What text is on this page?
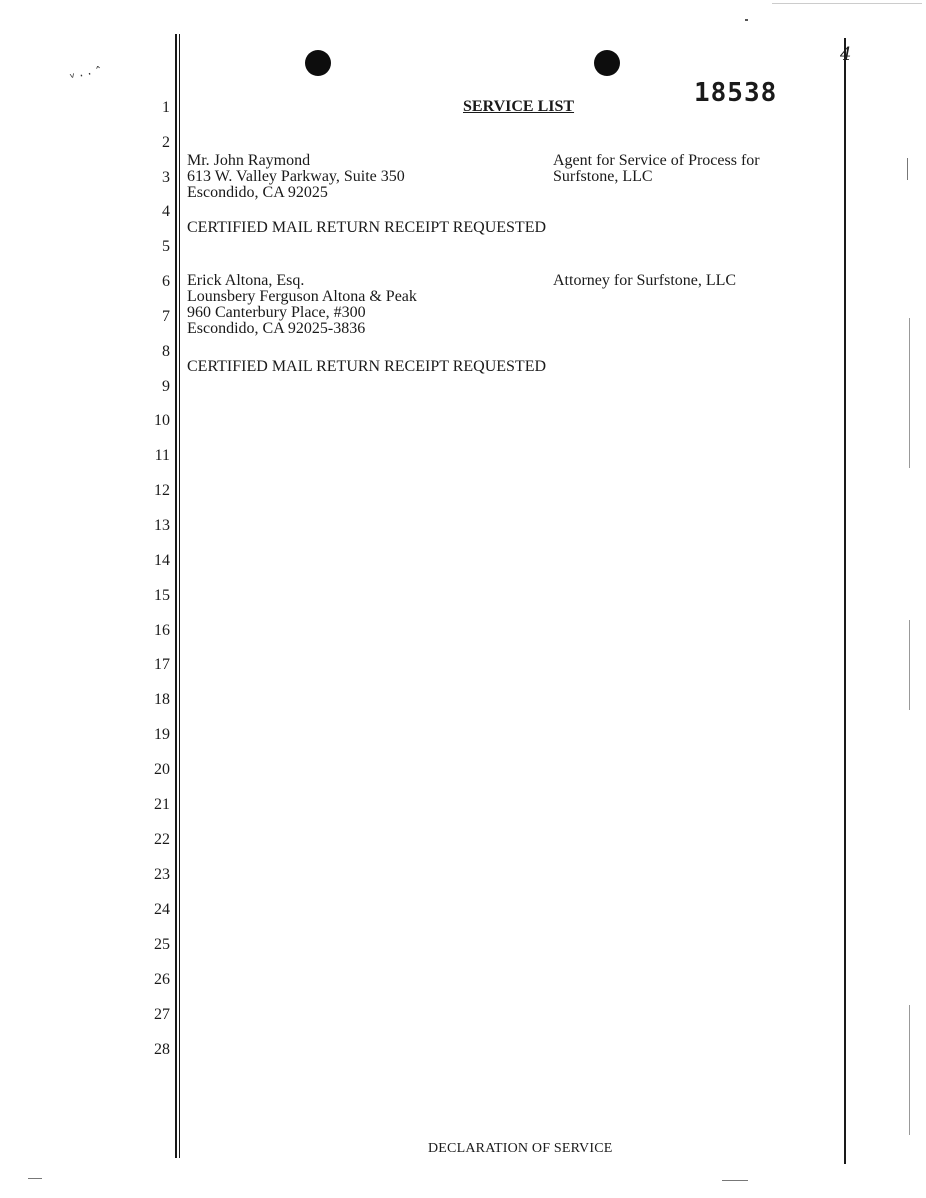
ᵛ · · ˆ
4
18538
SERVICE LIST
1
2
3
4
5
6
7
8
9
10
11
12
13
14
15
16
17
18
19
20
21
22
23
24
25
26
27
28
Mr. John Raymond
613 W. Valley Parkway, Suite 350
Escondido, CA 92025
Agent for Service of Process for
Surfstone, LLC
CERTIFIED MAIL RETURN RECEIPT REQUESTED
Erick Altona, Esq.
Lounsbery Ferguson Altona & Peak
960 Canterbury Place, #300
Escondido, CA 92025-3836
Attorney for Surfstone, LLC
CERTIFIED MAIL RETURN RECEIPT REQUESTED
DECLARATION OF SERVICE
